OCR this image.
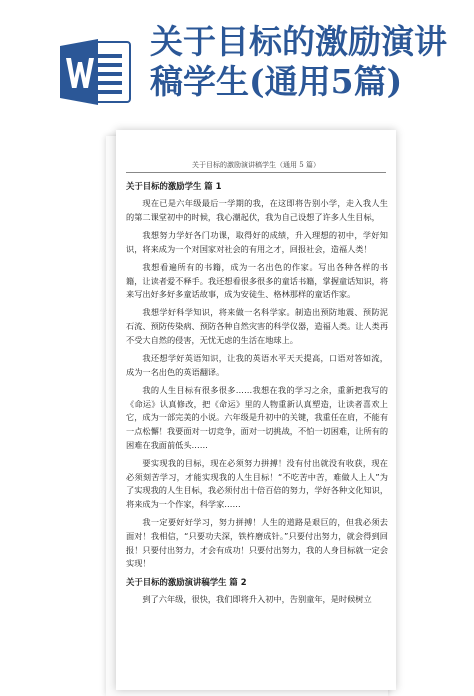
关于目标的激励演讲稿学生(通用5篇)
关于目标的激励演讲稿学生（通用 5 篇）
关于目标的激励学生 篇 1

现在已是六年级最后一学期的我，在这即将告别小学，走入我人生的第二课堂初中的时候，我心潮起伏，我为自己设想了许多人生目标，

我想努力学好各门功课，取得好的成绩，升入理想的初中，学好知识，将来成为一个对国家对社会的有用之才，回报社会，造福人类！

我想看遍所有的书籍，成为一名出色的作家。写出各种各样的书籍，让读者爱不释手。我还想看很多很多的童话书籍，掌握童话知识，将来写出好多好多童话故事，成为安徒生、格林那样的童话作家。

我想学好科学知识，将来做一名科学家。制造出预防地震、预防泥石流、预防传染病、预防各种自然灾害的科学仪器，造福人类。让人类再不受大自然的侵害，无忧无虑的生活在地球上。

我还想学好英语知识，让我的英语水平天天提高，口语对答如流，成为一名出色的英语翻译。

我的人生目标有很多很多……我想在我的学习之余，重新把我写的《命运》认真修改，把《命运》里的人物重新认真塑造，让读者喜欢上它，成为一部完美的小说。六年级是升初中的关键，我重任在肩，不能有一点松懈！我要面对一切竞争，面对一切挑战，不怕一切困难，让所有的困难在我面前低头……

要实现我的目标，现在必须努力拼搏！没有付出就没有收获，现在必须刻苦学习，才能实现我的人生目标！“不吃苦中苦，难做人上人”为了实现我的人生目标，我必须付出十倍百倍的努力，学好各种文化知识，将来成为一个作家，科学家……

我一定要好好学习，努力拼搏！人生的道路是艰巨的，但我必须去面对！我相信，“只要功夫深，铁杵磨成针。”只要付出努力，就会得到回报！只要付出努力，才会有成功！只要付出努力，我的人身目标就一定会实现！

关于目标的激励演讲稿学生 篇 2

到了六年级，很快，我们即将升入初中，告别童年，是时候树立
